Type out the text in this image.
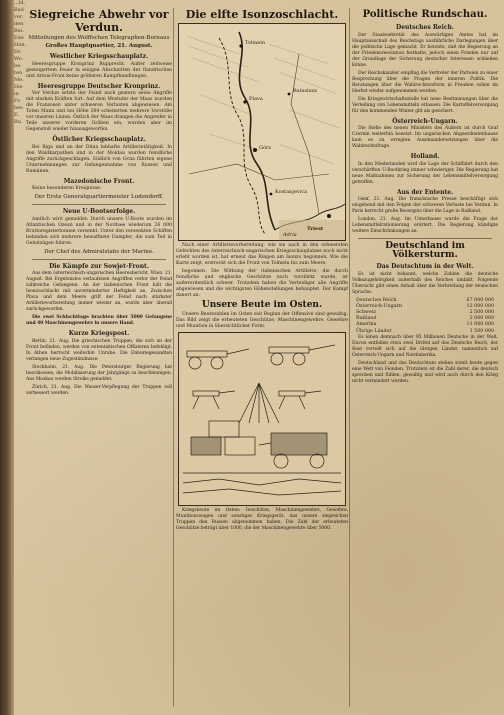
...ld.
Bad
ver.
den
Rei.
Ede
Han.
Dr.
Wo.
be.
ten
Me.
Die
in
Fr.
bes
E.
Ru.
Siegreiche Abwehr vor Verdun.
Mitteilungen des Wolffschen Telegraphen-Bureaus
Großes Hauptquartier, 21. August.
Westlicher Kriegsschauplatz.

Heeresgruppe Kronprinz Rupprecht. Außer zeitweise gesteigertem Feuer in einigen Abschnitten der flandrischen und Artois-Front keine größeren Kampfhandlungen.

Heeresgruppe Deutscher Kronprinz.

Vor Verdun setzte der Feind auch gestern seine Angriffe mit starken Kräften fort. Auf dem Westufer der Maas wurden die Franzosen unter schweren Verlusten abgewiesen. Am Toten Mann und bei Höhe 304 scheiterten mehrere Vorstöße vor unseren Linien. Östlich der Maas drangen die Angreifer in Teile unserer vorderen Gräben ein, wurden aber im Gegenstoß wieder hinausgeworfen.

Östlicher Kriegsschauplatz.

Bei Riga und an der Düna lebhafte Artillerietätigkeit. In den Waldkarpathen und in der Moldau wurden feindliche Angriffe zurückgeschlagen. Südlich von Ocna führten eigene Unternehmungen zur Gefangennahme von Russen und Rumänen.

Mazedonische Front.

Keine besonderen Ereignisse.

Der Erste Generalquartiermeister Ludendorff.
Neue U-Bootserfolge.

Amtlich wird gemeldet: Durch unsere U-Boote wurden im Atlantischen Ozean und in der Nordsee wiederum 26 000 Bruttoregistertonnen versenkt. Unter den versenkten Schiffen befanden sich mehrere bewaffnete Dampfer, die zum Teil in Geleitzügen fuhren.

Der Chef des Admiralstabs der Marine.
Die Kämpfe zur Sowjet-Front.

Aus dem österreichisch-ungarischen Heeresbericht. Wien, 21. August. Bei Ergebnislos verlaufenen Angriffen verlor der Feind zahlreiche Gefangene. An der italienischen Front hält die Isonzoschlacht mit unverminderter Heftigkeit an. Zwischen Plava und dem Meere griff der Feind nach stärkster Artillerievorbereitung immer wieder an, wurde aber überall zurückgeworfen.

Die zwei Schlachttage brachten über 5000 Gefangene und 40 Maschinengewehre in unsere Hand.

Kurze Kriegspost.

Berlin, 21. Aug. Die griechischen Truppen, die sich an der Front befinden, werden von ententistischen Offizieren befehligt. In Athen herrscht weiterhin Unruhe. Die Ententegesandten verlangen neue Zugeständnisse.

Stockholm, 21. Aug. Die Petersburger Regierung hat beschlossen, die Mobilisierung der Jahrgänge zu beschleunigen. Aus Moskau werden Streiks gemeldet.

Zürich, 21. Aug. Die Wasser-Verpflegung der Truppen soll verbessert werden.

Die elfte Isonzoschlacht.
Tolmein
Plava
Görz
Bainsizza
Kostanjevica
Triest
Adria

Nach einer Artillerievorbereitung, wie sie auch in den schwersten Gefechten des österreichisch-ungarischen Kriegsschauplatzes noch nicht erlebt worden ist, hat erneut das Ringen am Isonzo begonnen. Wie die Karte zeigt, erstreckt sich die Front von Tolmein bis zum Meere.

begonnen. Die Wirkung der italienischen Artillerie, die durch feindliche und englische Geschütze noch verstärkt wurde, ist außerordentlich schwer. Trotzdem haben die Verteidiger alle Angriffe abgewiesen und die wichtigsten Höhenstellungen behauptet. Der Kampf dauert an.

Unsere Beute im Osten.

Unsere Beutezahlen im Osten seit Beginn der Offensive sind gewaltig. Das Bild zeigt die erbeuteten Geschütze, Maschinengewehre, Gewehre und Munition in übersichtlicher Form.

Kriegsbeute im Osten: Geschütze, Maschinengewehre, Gewehre, Munitionswagen und sonstiges Kriegsgerät, das unsere siegreichen Truppen den Russen abgenommen haben. Die Zahl der erbeuteten Geschütze beträgt über 1000, die der Maschinengewehre über 5000.

Politische Rundschau.
Deutsches Reich.

Der Staatssekretär des Auswärtigen Amtes hat im Hauptausschuß des Reichstags ausführliche Darlegungen über die politische Lage gemacht. Er betonte, daß die Regierung an der Friedensresolution festhalte, jedoch einen Frieden nur auf der Grundlage der Sicherung deutscher Interessen schließen könne.

Der Reichskanzler empfing die Vertreter der Parteien zu einer Besprechung über die Fragen der inneren Politik. Die Beratungen über die Wahlrechtsreform in Preußen sollen im Herbst wieder aufgenommen werden.

Die Kriegswirtschaftsstelle hat neue Bestimmungen über die Verteilung von Lebensmitteln erlassen. Die Kartoffelversorgung für den kommenden Winter gilt als gesichert.

Österreich-Ungarn.

Die Stelle des neuen Ministers des Äußern ist durch Graf Czernin weiterhin besetzt. Im ungarischen Abgeordnetenhause kam es zu erregten Auseinandersetzungen über die Wahlrechtsfrage.

Holland.

In den Niederlanden wird die Lage der Schiffahrt durch den verschärften U-Bootkrieg immer schwieriger. Die Regierung hat neue Maßnahmen zur Sicherung der Lebensmittelversorgung getroffen.

Aus der Entente.

Genf, 21. Aug. Die französische Presse beschäftigt sich eingehend mit den Folgen der schweren Verluste bei Verdun. In Paris herrscht große Besorgnis über die Lage in Rußland.

London, 21. Aug. Im Unterhause wurde die Frage der Lebensmittelrationierung erörtert. Die Regierung kündigte weitere Einschränkungen an.

Deutschland im Völkersturm.
Das Deutschtum in der Welt.

Es ist nicht bekannt, welche Zahlen die deutsche Volkszugehörigkeit außerhalb des Reiches umfaßt. Folgende Übersicht gibt einen Anhalt über die Verbreitung der deutschen Sprache:

Deutsches Reich	67 000 000
Österreich-Ungarn	12 000 000
Schweiz	2 500 000
Rußland	2 000 000
Amerika	11 000 000
Übrige Länder	1 500 000

Es leben demnach über 95 Millionen Deutsche in der Welt. Davon entfallen etwa zwei Drittel auf das Deutsche Reich, der Rest verteilt sich auf die übrigen Länder, namentlich auf Österreich-Ungarn und Nordamerika.

Deutschland und das Deutschtum stehen somit heute gegen eine Welt von Feinden. Trotzdem ist die Zahl derer, die deutsch sprechen und fühlen, gewaltig und wird auch durch den Krieg nicht vermindert werden.
